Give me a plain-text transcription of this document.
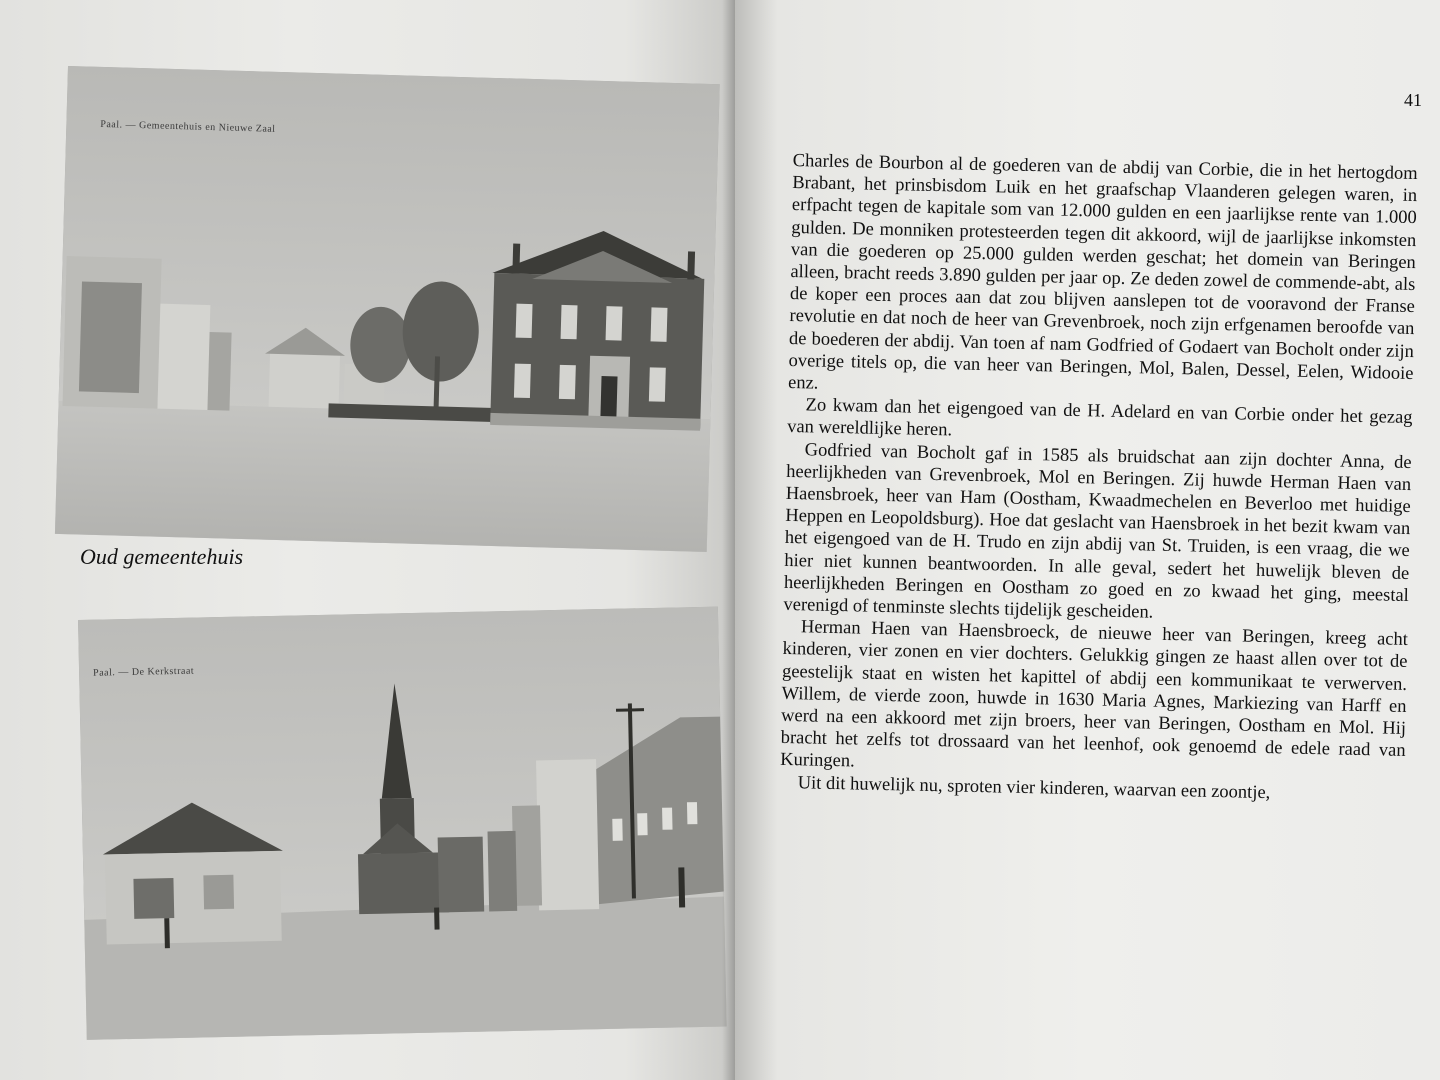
Paal. — Gemeentehuis en Nieuwe Zaal
Oud gemeentehuis
Paal. — De Kerkstraat
41

Charles de Bourbon al de goederen van de abdij van Corbie, die in het hertogdom Brabant, het prinsbisdom Luik en het graafschap Vlaanderen gelegen waren, in erfpacht tegen de kapitale som van 12.000 gulden en een jaarlijkse rente van 1.000 gulden. De monniken protesteerden tegen dit akkoord, wijl de jaarlijkse inkomsten van die goederen op 25.000 gulden werden geschat; het domein van Beringen alleen, bracht reeds 3.890 gulden per jaar op. Ze deden zowel de commende-abt, als de koper een proces aan dat zou blijven aanslepen tot de vooravond der Franse revolutie en dat noch de heer van Grevenbroek, noch zijn erfgenamen beroofde van de boederen der abdij. Van toen af nam Godfried of Godaert van Bocholt onder zijn overige titels op, die van heer van Beringen, Mol, Balen, Dessel, Eelen, Widooie enz.

Zo kwam dan het eigengoed van de H. Adelard en van Corbie onder het gezag van wereldlijke heren.

Godfried van Bocholt gaf in 1585 als bruidschat aan zijn dochter Anna, de heerlijkheden van Grevenbroek, Mol en Beringen. Zij huwde Herman Haen van Haensbroek, heer van Ham (Oostham, Kwaadmechelen en Beverloo met huidige Heppen en Leopoldsburg). Hoe dat geslacht van Haensbroek in het bezit kwam van het eigengoed van de H. Trudo en zijn abdij van St. Truiden, is een vraag, die we hier niet kunnen beantwoorden. In alle geval, sedert het huwelijk bleven de heerlijkheden Beringen en Oostham zo goed en zo kwaad het ging, meestal verenigd of tenminste slechts tijdelijk gescheiden.

Herman Haen van Haensbroeck, de nieuwe heer van Beringen, kreeg acht kinderen, vier zonen en vier dochters. Gelukkig gingen ze haast allen over tot de geestelijk staat en wisten het kapittel of abdij een kommunikaat te verwerven. Willem, de vierde zoon, huwde in 1630 Maria Agnes, Markiezing van Harff en werd na een akkoord met zijn broers, heer van Beringen, Oostham en Mol. Hij bracht het zelfs tot drossaard van het leenhof, ook genoemd de edele raad van Kuringen.

Uit dit huwelijk nu, sproten vier kinderen, waarvan een zoontje,
